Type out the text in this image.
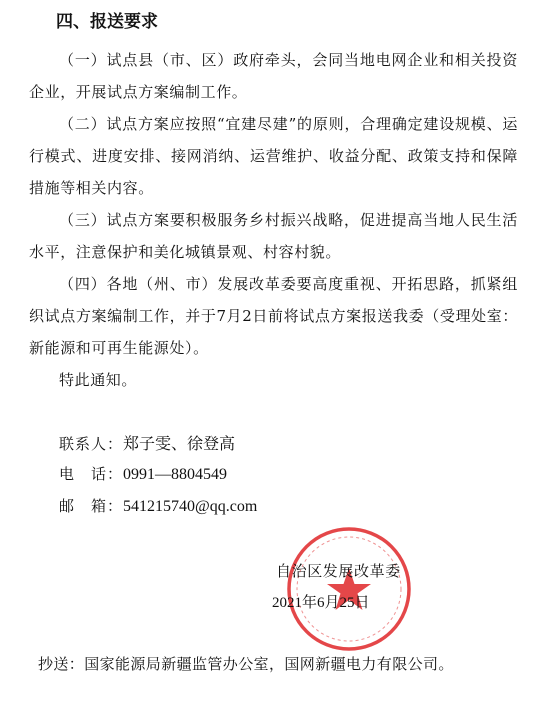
四、报送要求
（一）试点县（市、区）政府牵头，会同当地电网企业和相关投资企业，开展试点方案编制工作。
（二）试点方案应按照“宜建尽建”的原则，合理确定建设规模、运行模式、进度安排、接网消纳、运营维护、收益分配、政策支持和保障措施等相关内容。
（三）试点方案要积极服务乡村振兴战略，促进提高当地人民生活水平，注意保护和美化城镇景观、村容村貌。
（四）各地（州、市）发展改革委要高度重视、开拓思路，抓紧组织试点方案编制工作，并于7月2日前将试点方案报送我委（受理处室：新能源和可再生能源处）。
特此通知。
联系人：郑子雯、徐登高
电　话：0991—8804549
邮　箱：541215740@qq.com
自治区发展改革委
2021年6月25日
抄送：国家能源局新疆监管办公室，国网新疆电力有限公司。
